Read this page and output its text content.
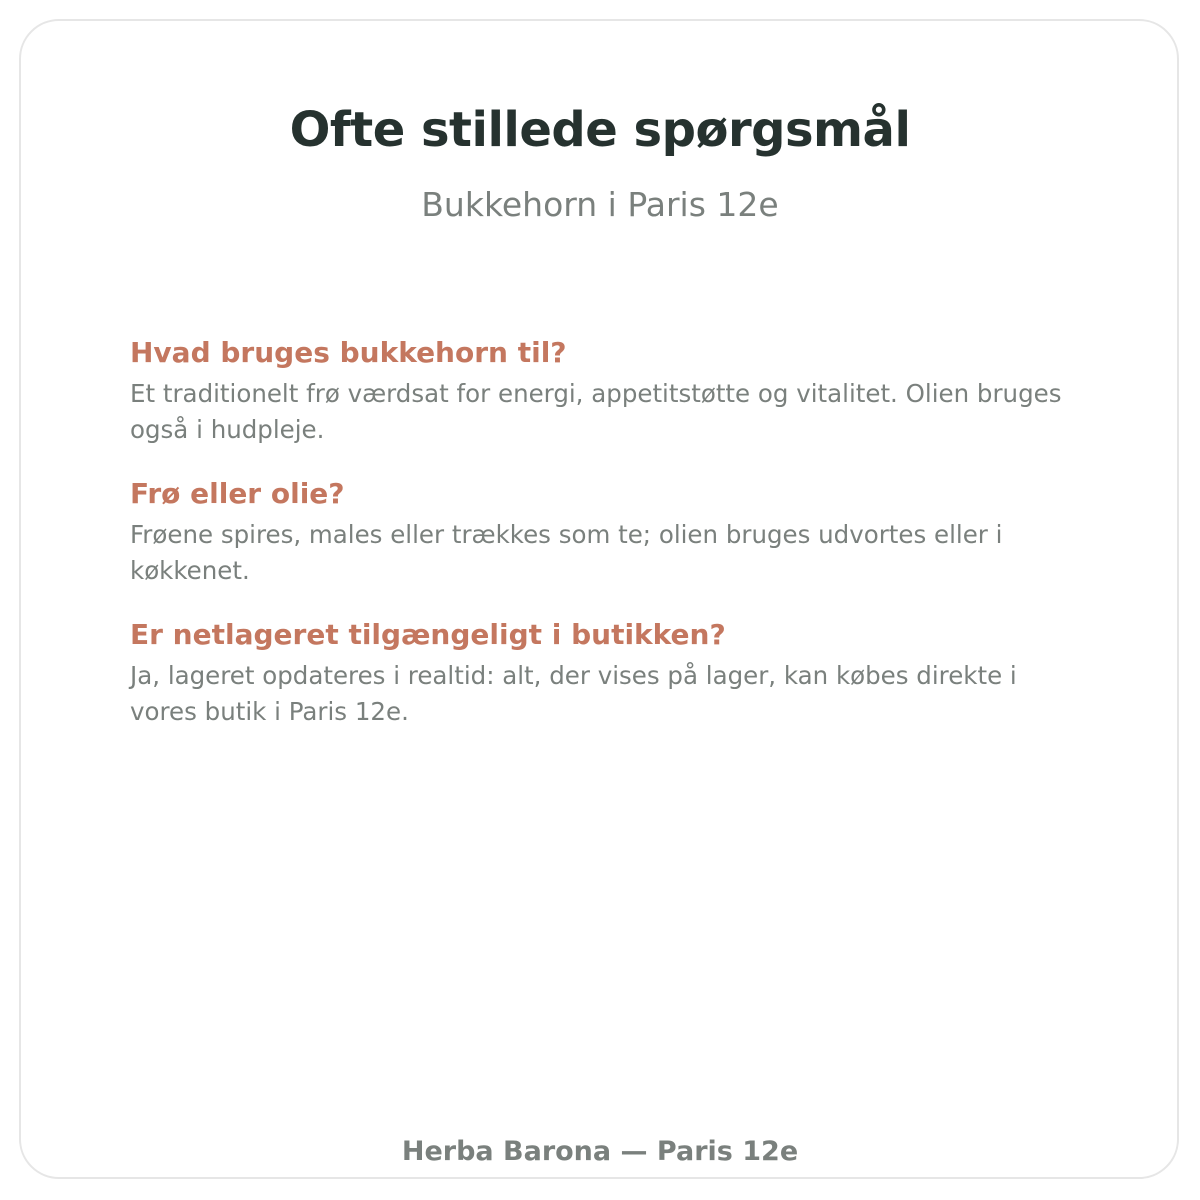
Ofte stillede spørgsmål
Bukkehorn i Paris 12e
Hvad bruges bukkehorn til?

Et traditionelt frø værdsat for energi, appetitstøtte og vitalitet. Olien bruges også i hudpleje.

Frø eller olie?

Frøene spires, males eller trækkes som te; olien bruges udvortes eller i køkkenet.

Er netlageret tilgængeligt i butikken?

Ja, lageret opdateres i realtid: alt, der vises på lager, kan købes direkte i vores butik i Paris 12e.

Herba Barona — Paris 12e
